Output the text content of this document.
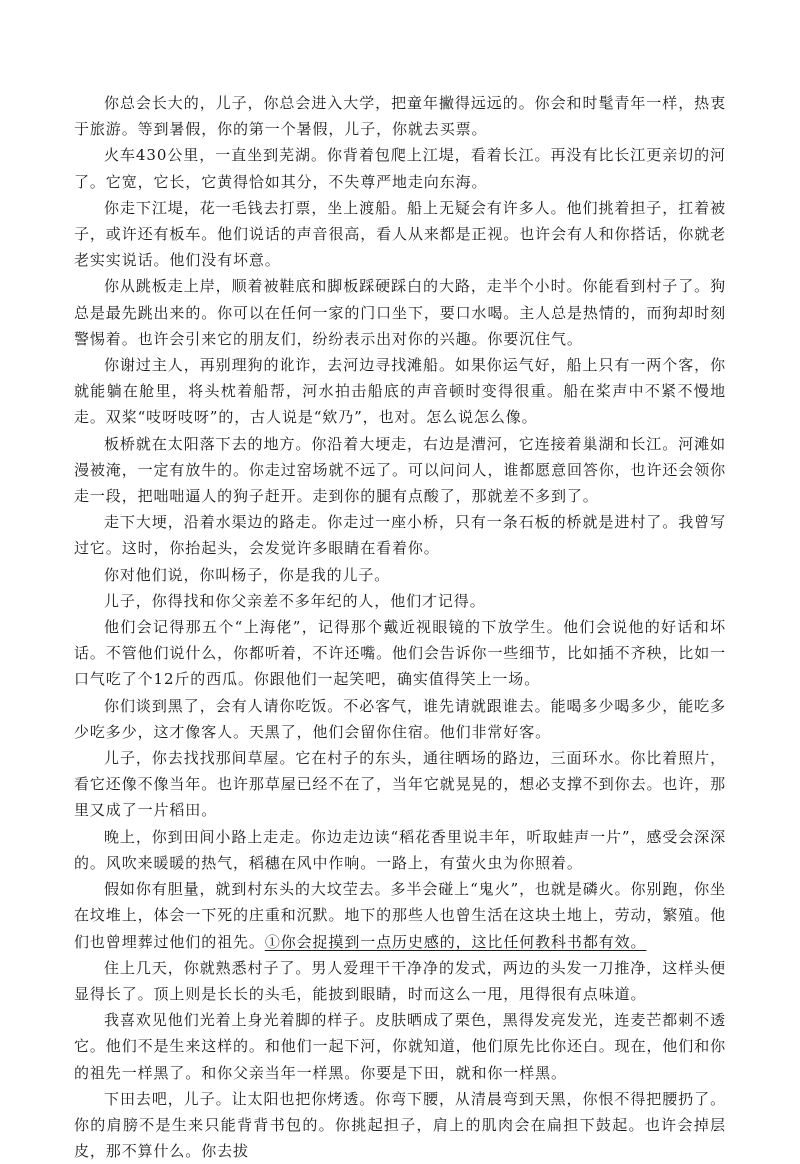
你总会长大的，儿子，你总会进入大学，把童年撇得远远的。你会和时髦青年一样，热衷于旅游。等到暑假，你的第一个暑假，儿子，你就去买票。

火车430公里，一直坐到芜湖。你背着包爬上江堤，看着长江。再没有比长江更亲切的河了。它宽，它长，它黄得恰如其分，不失尊严地走向东海。

你走下江堤，花一毛钱去打票，坐上渡船。船上无疑会有许多人。他们挑着担子，扛着被子，或许还有板车。他们说话的声音很高，看人从来都是正视。也许会有人和你搭话，你就老老实实说话。他们没有坏意。

你从跳板走上岸，顺着被鞋底和脚板踩硬踩白的大路，走半个小时。你能看到村子了。狗总是最先跳出来的。你可以在任何一家的门口坐下，要口水喝。主人总是热情的，而狗却时刻警惕着。也许会引来它的朋友们，纷纷表示出对你的兴趣。你要沉住气。

你谢过主人，再别理狗的讹诈，去河边寻找滩船。如果你运气好，船上只有一两个客，你就能躺在舱里，将头枕着船帮，河水拍击船底的声音顿时变得很重。船在桨声中不紧不慢地走。双桨“吱呀吱呀”的，古人说是“欸乃”，也对。怎么说怎么像。

板桥就在太阳落下去的地方。你沿着大埂走，右边是漕河，它连接着巢湖和长江。河滩如漫被淹，一定有放牛的。你走过窑场就不远了。可以问问人，谁都愿意回答你，也许还会领你走一段，把咄咄逼人的狗子赶开。走到你的腿有点酸了，那就差不多到了。

走下大埂，沿着水渠边的路走。你走过一座小桥，只有一条石板的桥就是进村了。我曾写过它。这时，你抬起头，会发觉许多眼睛在看着你。

你对他们说，你叫杨子，你是我的儿子。

儿子，你得找和你父亲差不多年纪的人，他们才记得。

他们会记得那五个“上海佬”，记得那个戴近视眼镜的下放学生。他们会说他的好话和坏话。不管他们说什么，你都听着，不许还嘴。他们会告诉你一些细节，比如插不齐秧，比如一口气吃了个12斤的西瓜。你跟他们一起笑吧，确实值得笑上一场。

你们谈到黑了，会有人请你吃饭。不必客气，谁先请就跟谁去。能喝多少喝多少，能吃多少吃多少，这才像客人。天黑了，他们会留你住宿。他们非常好客。

儿子，你去找找那间草屋。它在村子的东头，通往晒场的路边，三面环水。你比着照片，看它还像不像当年。也许那草屋已经不在了，当年它就晃晃的，想必支撑不到你去。也许，那里又成了一片稻田。

晚上，你到田间小路上走走。你边走边读“稻花香里说丰年，听取蛙声一片”，感受会深深的。风吹来暖暖的热气，稻穗在风中作响。一路上，有萤火虫为你照着。

假如你有胆量，就到村东头的大坟茔去。多半会碰上“鬼火”，也就是磷火。你别跑，你坐在坟堆上，体会一下死的庄重和沉默。地下的那些人也曾生活在这块土地上，劳动，繁殖。他们也曾埋葬过他们的祖先。①你会捉摸到一点历史感的，这比任何教科书都有效。

住上几天，你就熟悉村子了。男人爱理干干净净的发式，两边的头发一刀推净，这样头便显得长了。顶上则是长长的头毛，能披到眼睛，时而这么一甩，甩得很有点味道。

我喜欢见他们光着上身光着脚的样子。皮肤晒成了栗色，黑得发亮发光，连麦芒都刺不透它。他们不是生来这样的。和他们一起下河，你就知道，他们原先比你还白。现在，他们和你的祖先一样黑了。和你父亲当年一样黑。你要是下田，就和你一样黑。

下田去吧，儿子。让太阳也把你烤透。你弯下腰，从清晨弯到天黑，你恨不得把腰扔了。你的肩膀不是生来只能背背书包的。你挑起担子，肩上的肌肉会在扁担下鼓起。也许会掉层皮，那不算什么。你去拔
